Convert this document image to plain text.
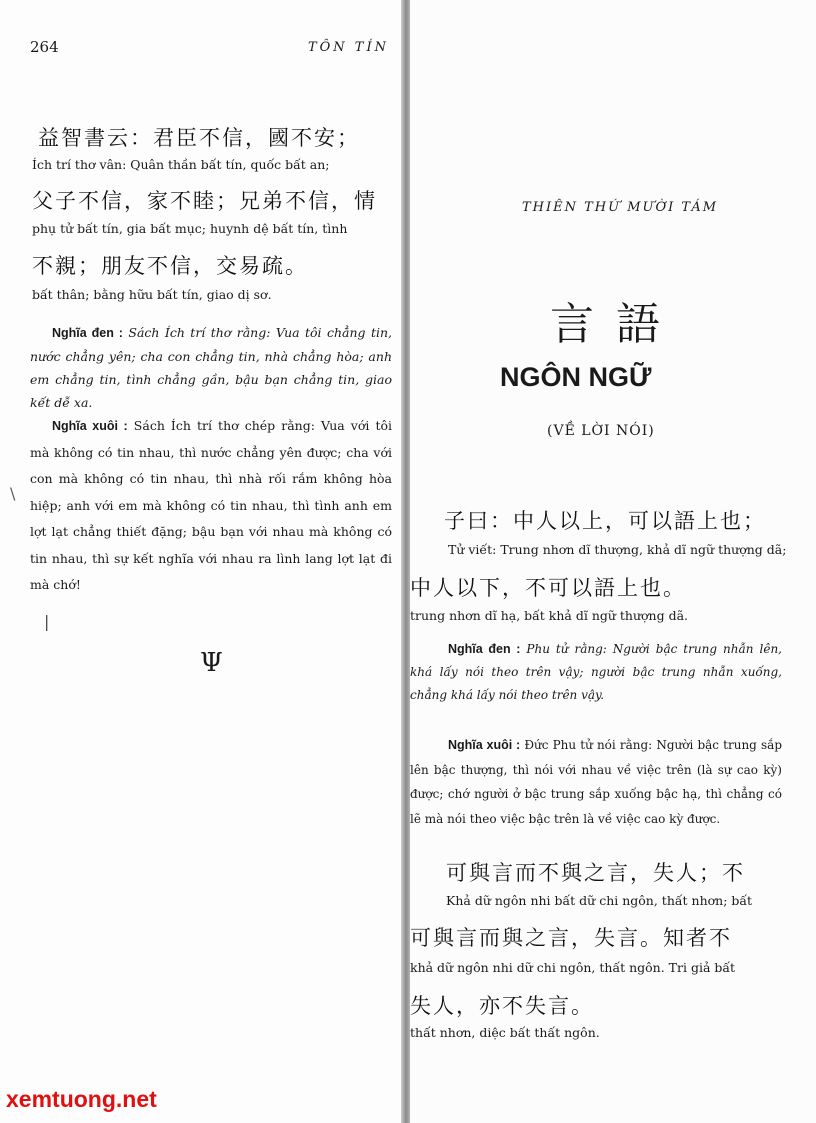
264	TÔN TÍN
益智書云：君臣不信，國不安；
Ích trí thơ vân: Quân thần bất tín, quốc bất an;
父子不信，家不睦；兄弟不信，情
phụ tử bất tín, gia bất mục; huynh dệ bất tín, tình
不親；朋友不信，交易疏。
bất thân; bằng hữu bất tín, giao dị sơ.
Nghĩa đen : Sách Ích trí thơ rằng: Vua tôi chẳng tin, nước chẳng yên; cha con chẳng tin, nhà chẳng hòa; anh em chẳng tin, tình chẳng gần, bậu bạn chẳng tin, giao kết dễ xa.
Nghĩa xuôi : Sách Ích trí thơ chép rằng: Vua với tôi mà không có tin nhau, thì nước chẳng yên được; cha với con mà không có tin nhau, thì nhà rối rắm không hòa hiệp; anh với em mà không có tin nhau, thì tình anh em lợt lạt chẳng thiết đặng; bậu bạn với nhau mà không có tin nhau, thì sự kết nghĩa với nhau ra lình lang lợt lạt đi mà chớ!
|
\
Ψ
THIÊN THỨ MƯỜI TÁM
言語
NGÔN NGỮ
(VỀ LỜI NÓI)
子曰：中人以上，可以語上也；
Tử viết: Trung nhơn dĩ thượng, khả dĩ ngữ thượng dã;
中人以下，不可以語上也。
trung nhơn dĩ hạ, bất khả dĩ ngữ thượng dã.
Nghĩa đen : Phu tử rằng: Người bậc trung nhẫn lên, khá lấy nói theo trên vậy; người bậc trung nhẫn xuống, chẳng khá lấy nói theo trên vậy.
Nghĩa xuôi : Đức Phu tử nói rằng: Người bậc trung sắp lên bậc thượng, thì nói với nhau về việc trên (là sự cao kỳ) được; chớ người ở bậc trung sắp xuống bậc hạ, thì chẳng có lẽ mà nói theo việc bậc trên là về việc cao kỳ được.
可與言而不與之言，失人；不
Khả dữ ngôn nhi bất dữ chi ngôn, thất nhơn; bất
可與言而與之言，失言。知者不
khả dữ ngôn nhi dữ chi ngôn, thất ngôn. Tri giả bất
失人，亦不失言。
thất nhơn, diệc bất thất ngôn.
xemtuong.net
